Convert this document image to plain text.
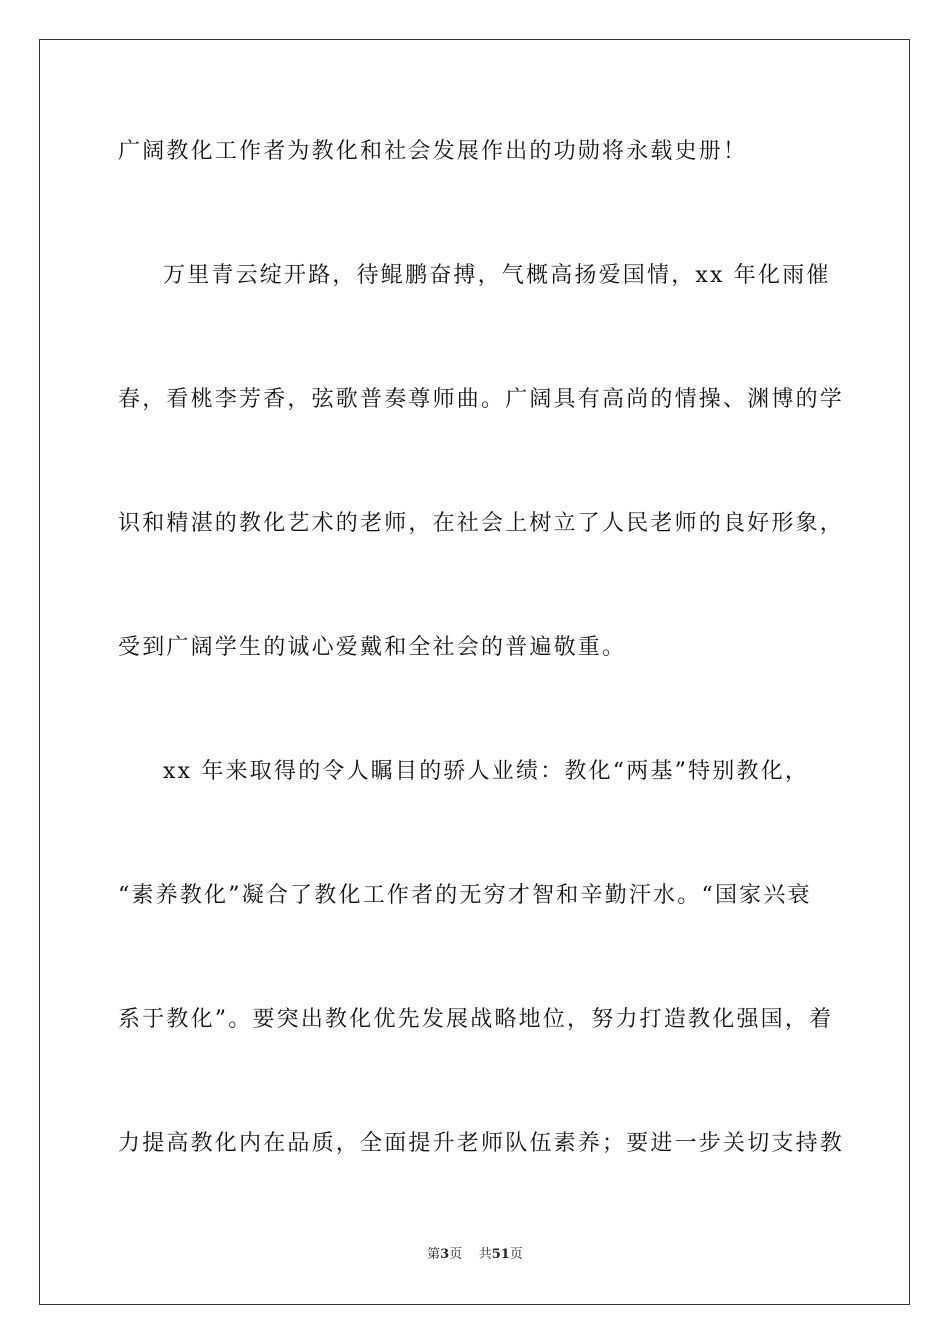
广阔教化工作者为教化和社会发展作出的功勋将永载史册！
万里青云绽开路，待鲲鹏奋搏，气概高扬爱国情，xx 年化雨催
春，看桃李芳香，弦歌普奏尊师曲。广阔具有高尚的情操、渊博的学
识和精湛的教化艺术的老师，在社会上树立了人民老师的良好形象，
受到广阔学生的诚心爱戴和全社会的普遍敬重。
xx 年来取得的令人瞩目的骄人业绩：教化“两基”特别教化，
“素养教化”凝合了教化工作者的无穷才智和辛勤汗水。“国家兴衰
系于教化”。要突出教化优先发展战略地位，努力打造教化强国，着
力提高教化内在品质，全面提升老师队伍素养；要进一步关切支持教
第3页 共51页
